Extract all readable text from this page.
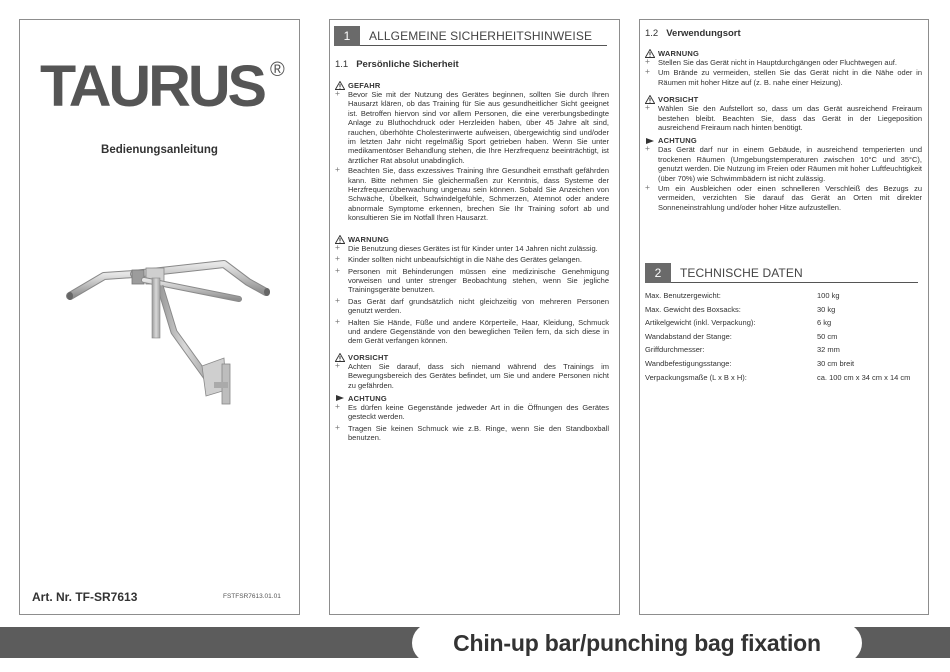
TAURUS ®
Bedienungsanleitung
Art. Nr. TF-SR7613	FSTFSR7613.01.01
1	ALLGEMEINE SICHERHEITSHINWEISE
1.1 Persönliche Sicherheit
GEFAHR
+ Bevor Sie mit der Nutzung des Gerätes beginnen, sollten Sie durch Ihren Hausarzt klären, ob das Training für Sie aus gesundheitlicher Sicht geeignet ist. Betroffen hiervon sind vor allem Personen, die eine vererbungsbedingte Anlage zu Bluthochdruck oder Herzleiden haben, über 45 Jahre alt sind, rauchen, überhöhte Cholesterinwerte aufweisen, übergewichtig sind und/oder im letzten Jahr nicht regelmäßig Sport getrieben haben. Wenn Sie unter medikamentöser Behandlung stehen, die Ihre Herzfrequenz beeinträchtigt, ist ärztlicher Rat absolut unabdinglich.
+ Beachten Sie, dass exzessives Training Ihre Gesundheit ernsthaft gefährden kann. Bitte nehmen Sie gleichermaßen zur Kenntnis, dass Systeme der Herzfrequenzüberwachung ungenau sein können. Sobald Sie Anzeichen von Schwäche, Übelkeit, Schwindelgefühle, Schmerzen, Atemnot oder andere abnormale Symptome erkennen, brechen Sie Ihr Training sofort ab und konsultieren Sie im Notfall Ihren Hausarzt.
WARNUNG
+ Die Benutzung dieses Gerätes ist für Kinder unter 14 Jahren nicht zulässig.
+ Kinder sollten nicht unbeaufsichtigt in die Nähe des Gerätes gelangen.
+ Personen mit Behinderungen müssen eine medizinische Genehmigung vorweisen und unter strenger Beobachtung stehen, wenn Sie jegliche Trainingsgeräte benutzen.
+ Das Gerät darf grundsätzlich nicht gleichzeitig von mehreren Personen genutzt werden.
+ Halten Sie Hände, Füße und andere Körperteile, Haar, Kleidung, Schmuck und andere Gegenstände von den beweglichen Teilen fern, da sich diese in dem Gerät verfangen können.
VORSICHT
+ Achten Sie darauf, dass sich niemand während des Trainings im Bewegungsbereich des Gerätes befindet, um Sie und andere Personen nicht zu gefährden.
ACHTUNG
+ Es dürfen keine Gegenstände jedweder Art in die Öffnungen des Gerätes gesteckt werden.
+ Tragen Sie keinen Schmuck wie z.B. Ringe, wenn Sie den Standboxball benutzen.
1.2 Verwendungsort
WARNUNG
+ Stellen Sie das Gerät nicht in Hauptdurchgängen oder Fluchtwegen auf.
+ Um Brände zu vermeiden, stellen Sie das Gerät nicht in die Nähe oder in Räumen mit hoher Hitze auf (z. B. nahe einer Heizung).
VORSICHT
+ Wählen Sie den Aufstellort so, dass um das Gerät ausreichend Freiraum bestehen bleibt. Beachten Sie, dass das Gerät in der Liegeposition ausreichend Freiraum nach hinten benötigt.
ACHTUNG
+ Das Gerät darf nur in einem Gebäude, in ausreichend temperierten und trockenen Räumen (Umgebungstemperaturen zwischen 10°C und 35°C), genutzt werden. Die Nutzung im Freien oder Räumen mit hoher Luftfeuchtigkeit (über 70%) wie Schwimmbädern ist nicht zulässig.
+ Um ein Ausbleichen oder einen schnelleren Verschleiß des Bezugs zu vermeiden, verzichten Sie darauf das Gerät an Orten mit direkter Sonneneinstrahlung und/oder hoher Hitze aufzustellen.
2	TECHNISCHE DATEN
Max. Benutzergewicht:	100 kg
Max. Gewicht des Boxsacks:	30 kg
Artikelgewicht (inkl. Verpackung):	6 kg
Wandabstand der Stange:	50 cm
Griffdurchmesser:	32 mm
Wandbefestigungsstange:	30 cm breit
Verpackungsmaße (L x B x H):	ca. 100 cm x 34 cm x 14 cm
Chin-up bar/punching bag fixation
